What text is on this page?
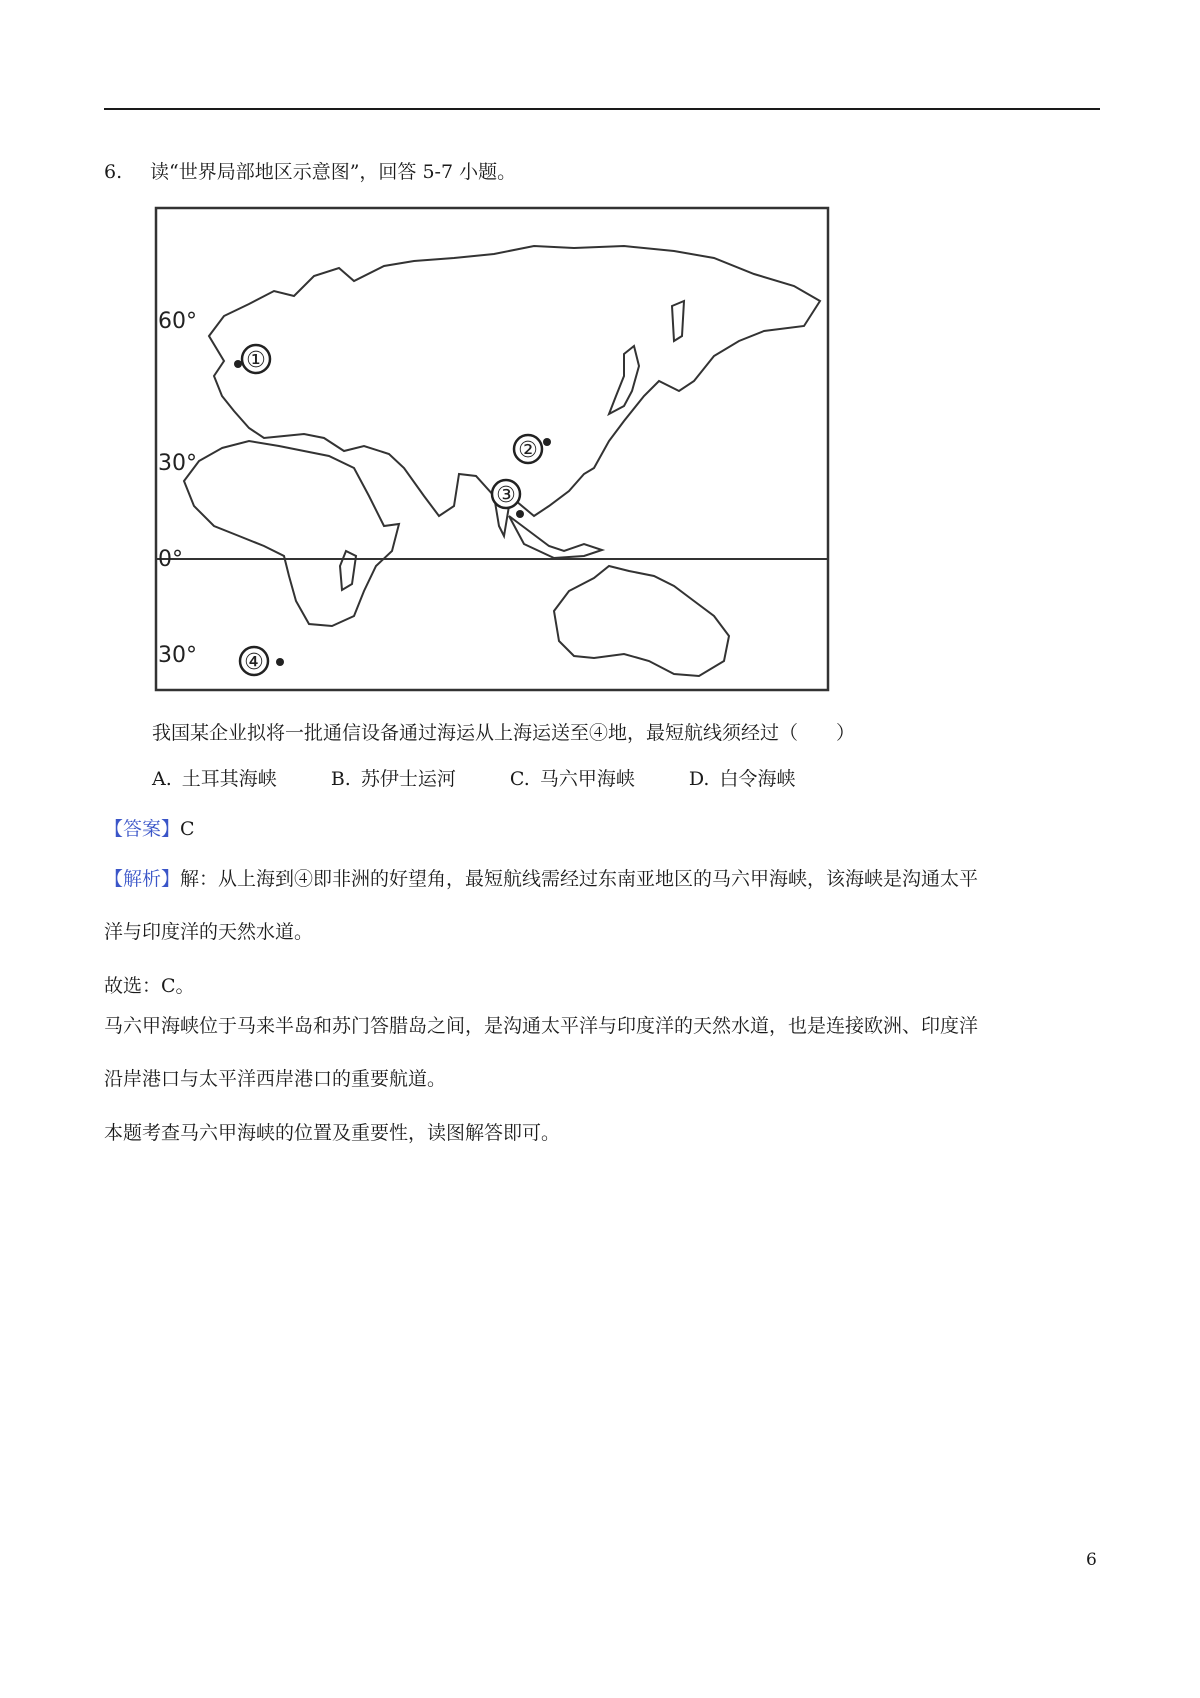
6. 读“世界局部地区示意图”，回答 5-7 小题。
60°
30°
0°
30°
①
②
③
④
我国某企业拟将一批通信设备通过海运从上海运送至④地，最短航线须经过（　　）
A. 土耳其海峡	B. 苏伊士运河	C. 马六甲海峡	D. 白令海峡
【答案】C
【解析】解：从上海到④即非洲的好望角，最短航线需经过东南亚地区的马六甲海峡，该海峡是沟通太平
洋与印度洋的天然水道。
故选：C。
马六甲海峡位于马来半岛和苏门答腊岛之间，是沟通太平洋与印度洋的天然水道，也是连接欧洲、印度洋
沿岸港口与太平洋西岸港口的重要航道。
本题考查马六甲海峡的位置及重要性，读图解答即可。
6
